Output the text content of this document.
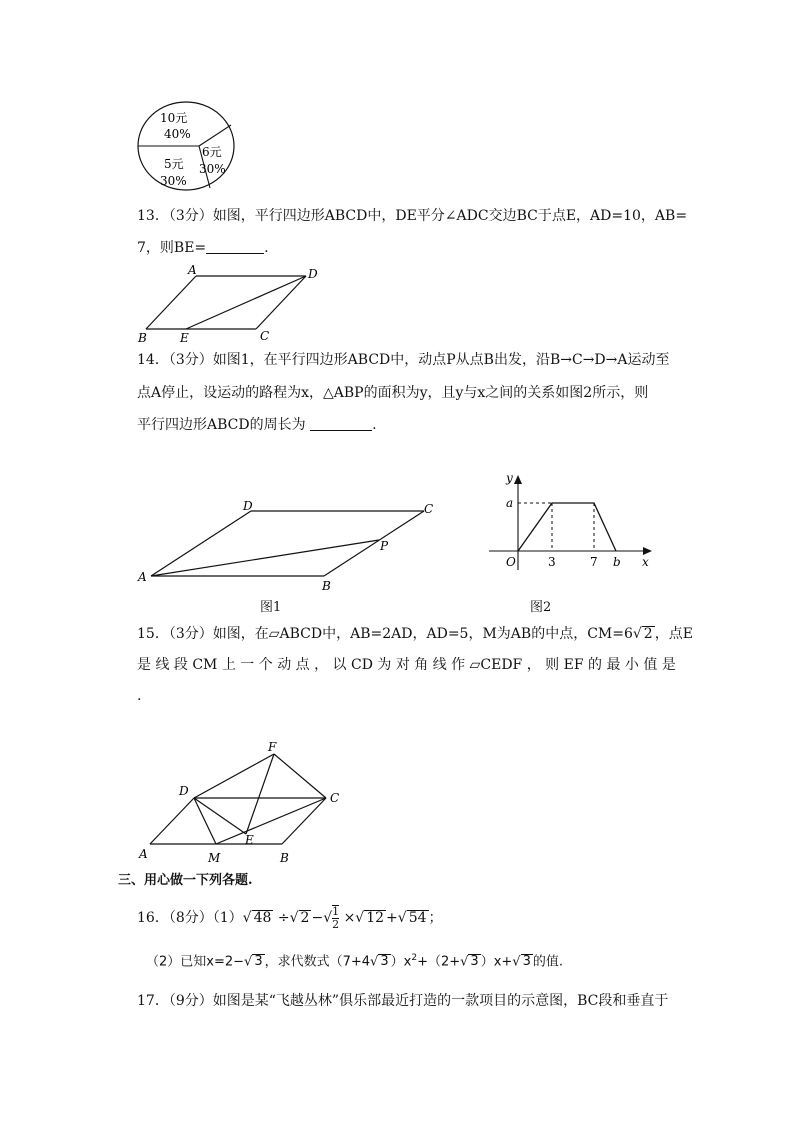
10元
40%
6元
30%
5元
30%
13．（3分）如图，平行四边形ABCD中，DE平分∠ADC交边BC于点E，AD=10，AB=
7，则BE=	.
A	D
B	E	C
14．（3分）如图1，在平行四边形ABCD中，动点P从点B出发，沿B→C→D→A运动至
点A停止，设运动的路程为x，△ABP的面积为y，且y与x之间的关系如图2所示，则
平行四边形ABCD的周长为	.
D	C
P
A
B
图1
y
a
O	3	7 b x
图2
15．（3分）如图，在▱ABCD中，AB=2AD，AD=5，M为AB的中点，CM=6√ 2 ，点E
是 线 段 CM 上 一 个 动 点 ， 以 CD 为 对 角 线 作 ▱CEDF ， 则 EF 的 最 小 值 是
.
F
D	C
E
A	M	B
三、用心做一下列各题.
16．（8分）（1）√ 48 ÷√ 2 −√ $\frac{1}{2}$ ×√ 12 +√ 54 ；
（2）已知x=2−√ 3 ，求代数式（7+4√ 3 ）$x^2+(2+√$ 3 ）x+√ 3 的值.
17．（9分）如图是某“飞越丛林”俱乐部最近打造的一款项目的示意图，BC段和垂直于
